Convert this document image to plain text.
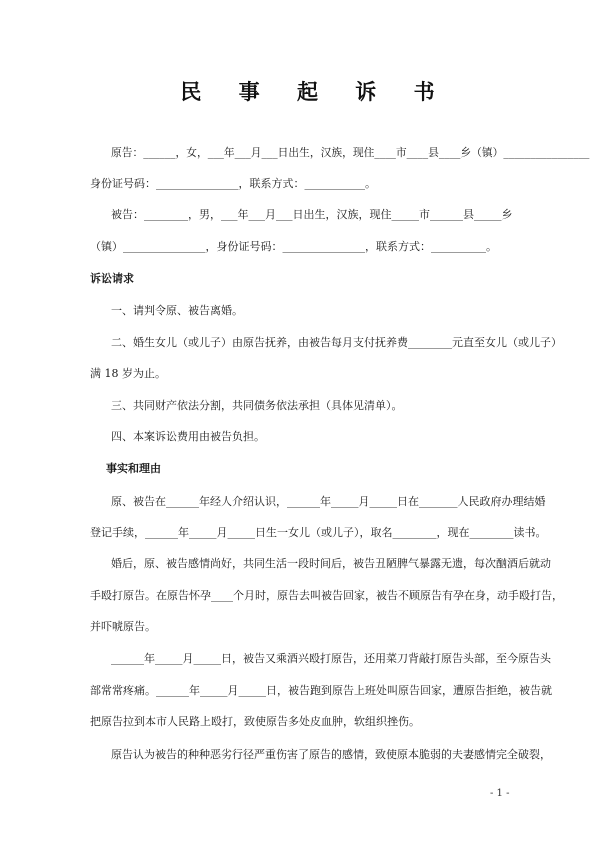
民 事 起 诉 书
原告：______，女，___年___月___日出生，汉族，现住____市____县____乡（镇）________________
身份证号码：_______________，联系方式：___________。
被告：________，男，___年___月___日出生，汉族，现住_____市______县_____乡
（镇）_______________，身份证号码：_______________，联系方式：__________。
诉讼请求
一、请判令原、被告离婚。
二、婚生女儿（或儿子）由原告抚养，由被告每月支付抚养费________元直至女儿（或儿子）
满 18 岁为止。
三、共同财产依法分割，共同债务依法承担（具体见清单）。
四、本案诉讼费用由被告负担。
事实和理由
原、被告在______年经人介绍认识，______年_____月_____日在_______人民政府办理结婚
登记手续，______年_____月_____日生一女儿（或儿子），取名________，现在________读书。
婚后，原、被告感情尚好，共同生活一段时间后，被告丑陋脾气暴露无遗，每次酗酒后就动
手殴打原告。在原告怀孕____个月时，原告去叫被告回家，被告不顾原告有孕在身，动手殴打告，
并吓唬原告。
______年_____月_____日，被告又乘酒兴殴打原告，还用菜刀背敲打原告头部，至今原告头
部常常疼痛。______年_____月_____日，被告跑到原告上班处叫原告回家，遭原告拒绝，被告就
把原告拉到本市人民路上殴打，致使原告多处皮血肿，软组织挫伤。
原告认为被告的种种恶劣行径严重伤害了原告的感情，致使原本脆弱的夫妻感情完全破裂，
- 1 -
